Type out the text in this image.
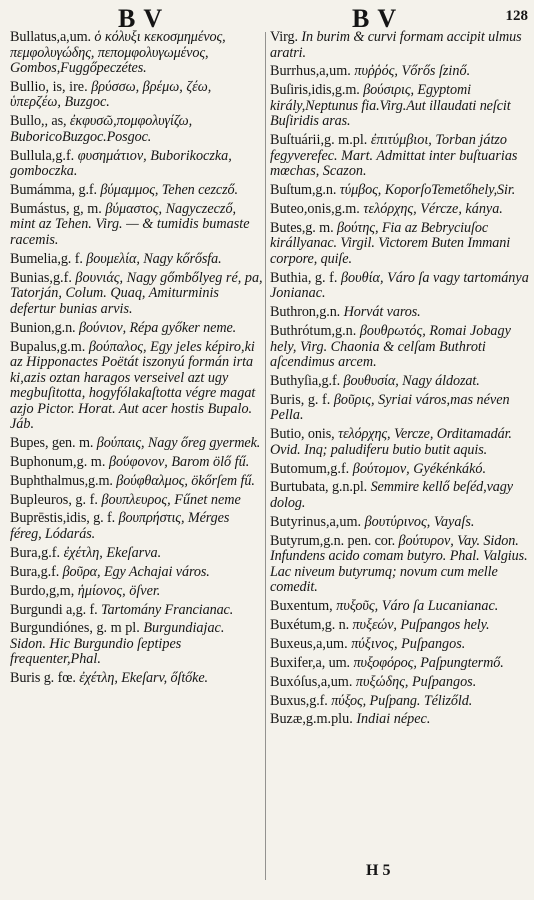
B V	B V	128
Bullatus,a,um. ὁ κόλυξι κεκοσμημένος, πεμφολυγώδης, πεπομφολυγωμένος, Gombos,Fuggőpeczétes.
Bullio, is, ire. βρύσσω, βρέμω, ζέω, ὑπερζέω, Buzgoc.
Bullo,, as, ἐκφυσῶ,πομφολυγίζω, BuboricoBuzgoc.Posgoc.
Bullula,g.f. φυσημάτιον, Buborikoczka, gomboczka.
Bumámma, g.f. βύμαμμος, Tehen cezcző.
Bumástus, g, m. βύμαστος, Nagyczecző, mint az Tehen. Virg. — & tumidis bumaste racemis.
Bumelia,g. f. βουμελία, Nagy kőrősfa.
Bunias,g.f. βουνιάς, Nagy gőmbőlyeg ré, pa, Tatorján, Colum. Quaq, Amiturminis defertur bunias arvis.
Bunion,g.n. βούνιον, Répa győker neme.
Bupalus,g.m. βούπαλος, Egy jeles képiro,ki az Hipponactes Poëtát iszonyú formán irta ki,azis oztan haragos verseivel azt ugy megbuſitotta, hogyfólakaſtotta végre magat azjo Pictor. Horat. Aut acer hostis Bupalo. Jáb.
Bupes, gen. m. βούπαις, Nagy őreg gyermek.
Buphonum,g. m. βούφονον, Barom ölő fű.
Buphthalmus,g.m. βούφθαλμος, ökőrſem fű.
Bupleuros, g. f. βουπλευρος, Fűnet neme
Buprēstis,idis, g. f. βουπρήστις, Mérges féreg, Lódarás.
Bura,g.f. ἐχέτλη, Ekeſarva.
Bura,g.f. βοῦρα, Egy Achajai város.
Burdo,g,m, ἡμίονος, öſver.
Burgundi a,g. f. Tartomány Francianac.
Burgundiónes, g. m pl. Burgundiajac. Sidon. Hic Burgundio ſeptipes frequenter,Phal.
Buris g. fœ. ἐχέτλη, Ekeſarv, őſtőke.
Virg. In burim & curvi formam accipit ulmus aratri.
Burrhus,a,um. πυῤῥός, Vőrős ſzinő.
Buſiris,idis,g.m. βούσιρις, Egyptomi király,Neptunus fia.Virg.Aut illaudati neſcit Buſiridis aras.
Buſtuárii,g. m.pl. ἐπιτύμβιοι, Torban játzo fegyverefec. Mart. Admittat inter buſtuarias mœchas, Scazon.
Buſtum,g.n. τύμβος, KoporſoTemetőhely,Sir.
Buteo,onis,g.m. τελόρχης, Vércze, kánya.
Butes,g. m. βούτης, Fia az Bebryciuſoc királlyanac. Virgil. Victorem Buten Immani corpore, quiſe.
Buthia, g. f. βουθία, Váro ſa vagy tartománya Jonianac.
Buthron,g.n. Horvát varos.
Buthrótum,g.n. βουθρωτός, Romai Jobagy hely, Virg. Chaonia & celſam Buthroti aſcendimus arcem.
Buthyſia,g.f. βουθυσία, Nagy áldozat.
Buris, g. f. βοῦρις, Syriai város,mas néven Pella.
Butio, onis, τελόρχης, Vercze, Orditamadár. Ovid. Inq; paludiferu butio butit aquis.
Butomum,g.f. βούτομον, Gyékénkákó.
Burtubata, g.n.pl. Semmire kellő beſéd,vagy dolog.
Butyrinus,a,um. βουτύρινος, Vayaſs.
Butyrum,g.n. pen. cor. βούτυρον, Vay. Sidon. Infundens acido comam butyro. Phal. Valgius. Lac niveum butyrumq; novum cum melle comedit.
Buxentum, πυξοῦς, Váro ſa Lucanianac.
Buxétum,g. n. πυξεών, Puſpangos hely.
Buxeus,a,um. πύξινος, Puſpangos.
Buxifer,a, um. πυξοφόρος, Paſpungtermő.
Buxóſus,a,um. πυξώδης, Puſpangos.
Buxus,g.f. πύξος, Puſpang. Télizőld.
Buzæ,g.m.plu. Indiai népec.
H 5
